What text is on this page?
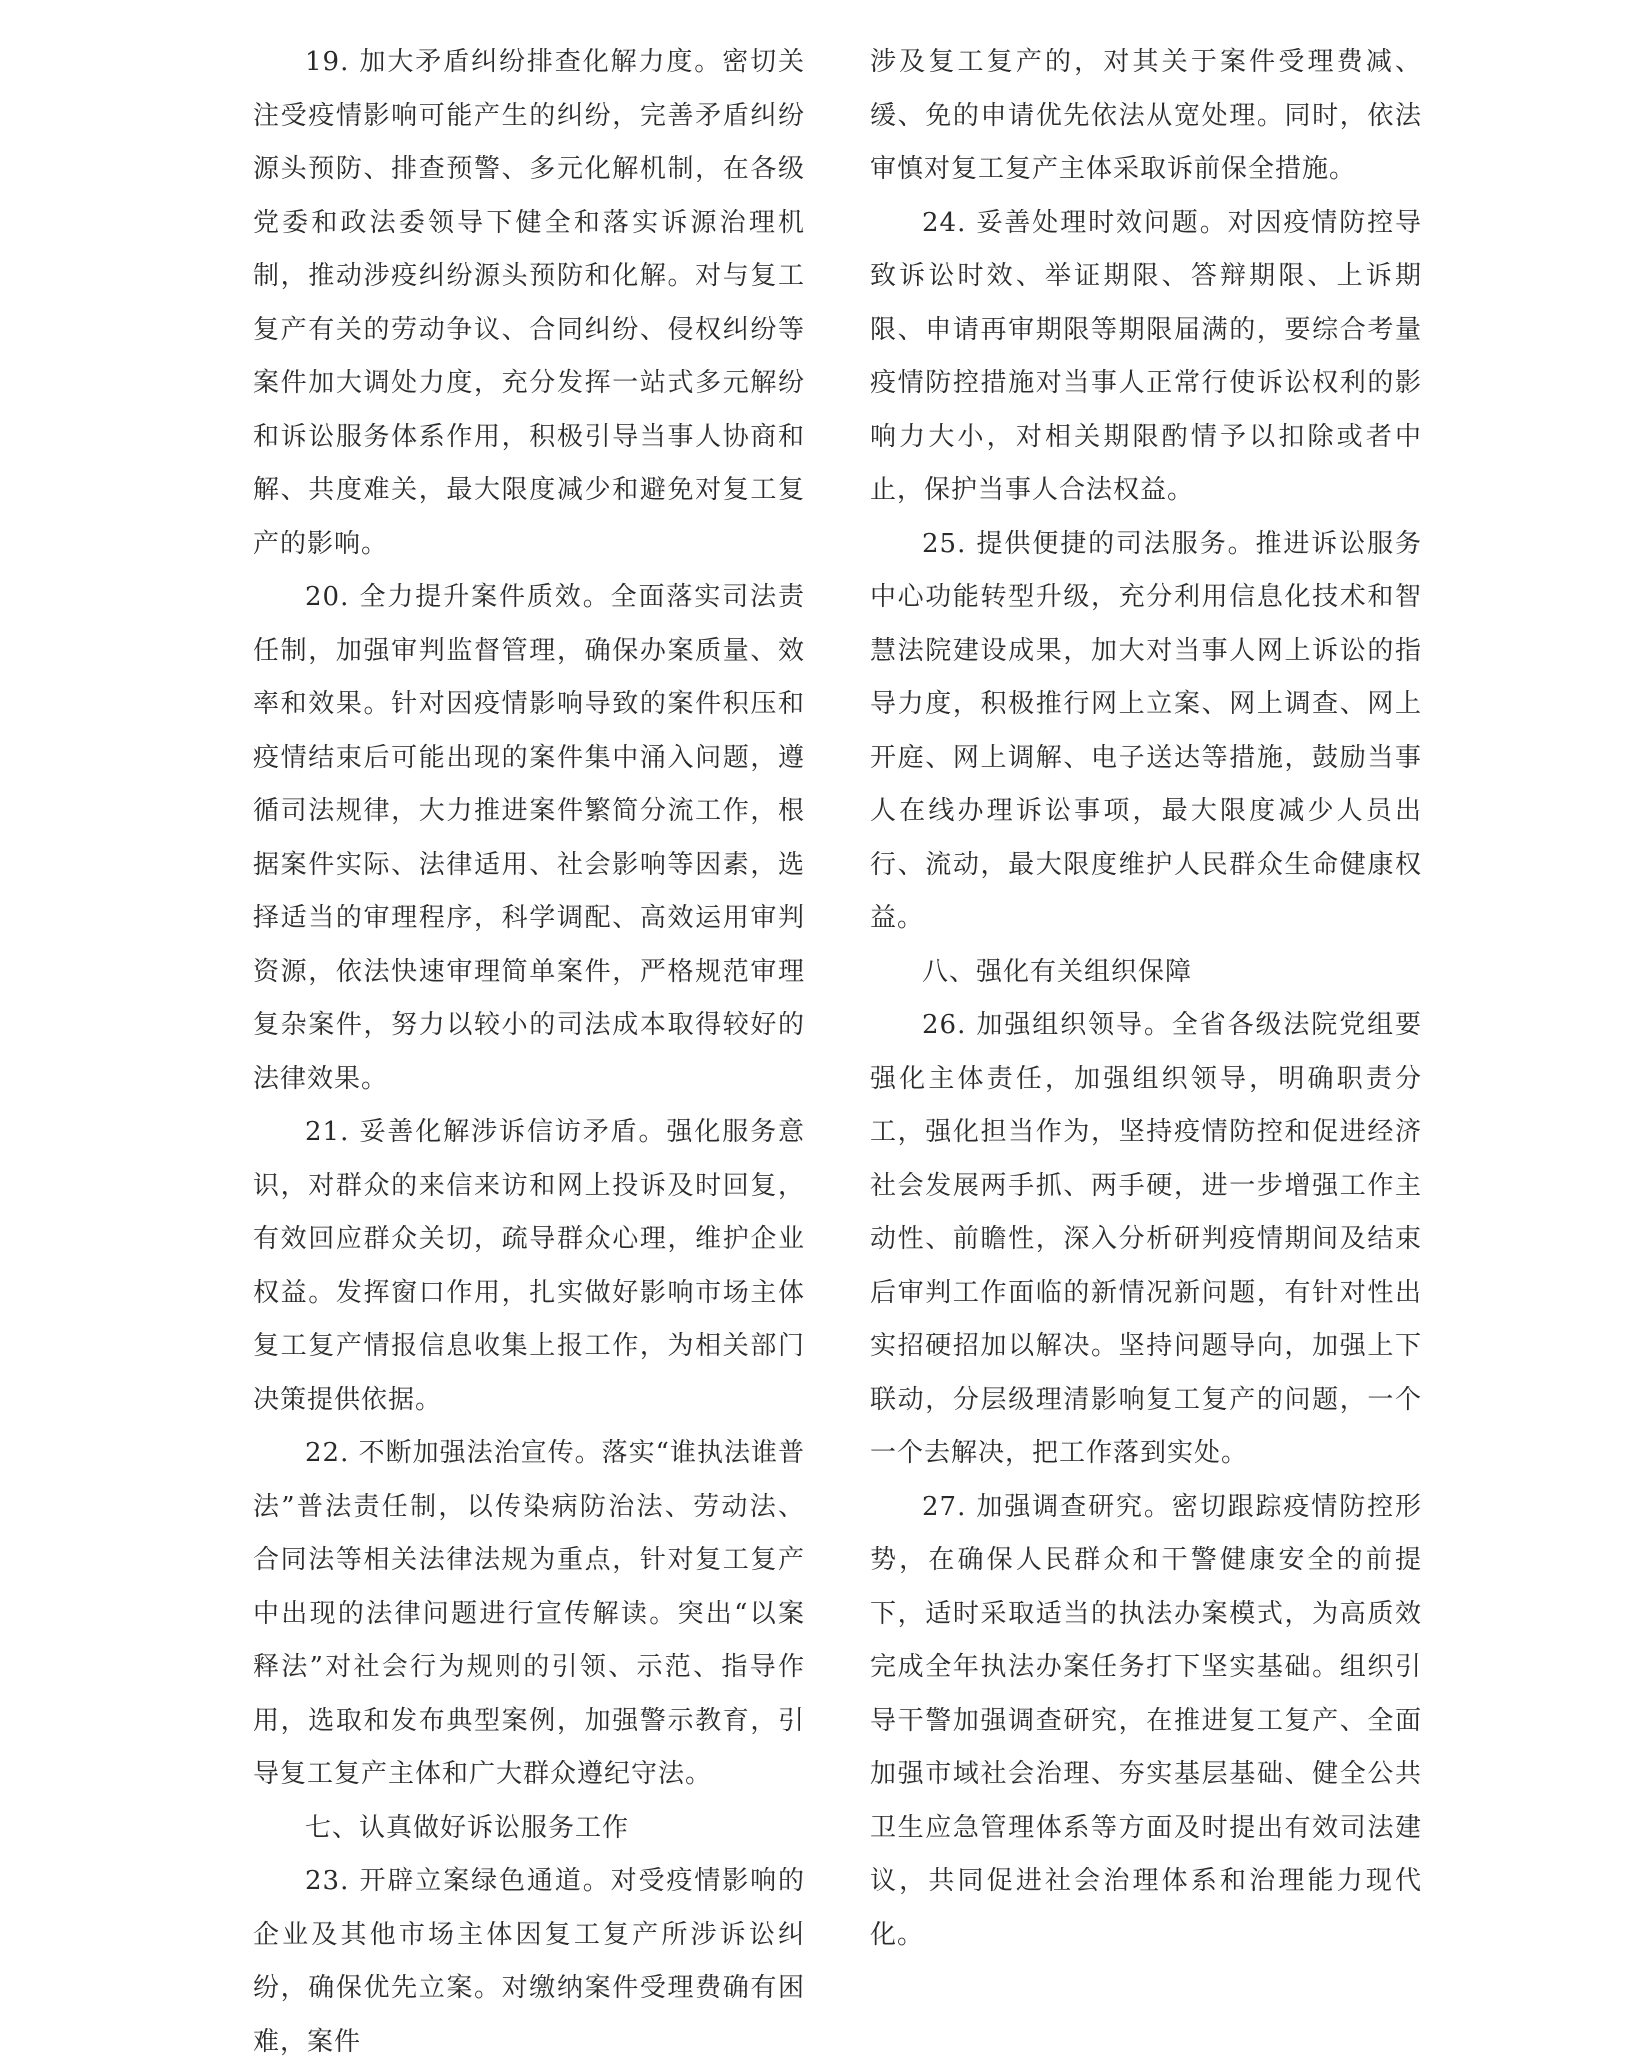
19. 加大矛盾纠纷排查化解力度。密切关注受疫情影响可能产生的纠纷，完善矛盾纠纷源头预防、排查预警、多元化解机制，在各级党委和政法委领导下健全和落实诉源治理机制，推动涉疫纠纷源头预防和化解。对与复工复产有关的劳动争议、合同纠纷、侵权纠纷等案件加大调处力度，充分发挥一站式多元解纷和诉讼服务体系作用，积极引导当事人协商和解、共度难关，最大限度减少和避免对复工复产的影响。

20. 全力提升案件质效。全面落实司法责任制，加强审判监督管理，确保办案质量、效率和效果。针对因疫情影响导致的案件积压和疫情结束后可能出现的案件集中涌入问题，遵循司法规律，大力推进案件繁简分流工作，根据案件实际、法律适用、社会影响等因素，选择适当的审理程序，科学调配、高效运用审判资源，依法快速审理简单案件，严格规范审理复杂案件，努力以较小的司法成本取得较好的法律效果。

21. 妥善化解涉诉信访矛盾。强化服务意识，对群众的来信来访和网上投诉及时回复，有效回应群众关切，疏导群众心理，维护企业权益。发挥窗口作用，扎实做好影响市场主体复工复产情报信息收集上报工作，为相关部门决策提供依据。

22. 不断加强法治宣传。落实“谁执法谁普法”普法责任制，以传染病防治法、劳动法、合同法等相关法律法规为重点，针对复工复产中出现的法律问题进行宣传解读。突出“以案释法”对社会行为规则的引领、示范、指导作用，选取和发布典型案例，加强警示教育，引导复工复产主体和广大群众遵纪守法。

七、认真做好诉讼服务工作

23. 开辟立案绿色通道。对受疫情影响的企业及其他市场主体因复工复产所涉诉讼纠纷，确保优先立案。对缴纳案件受理费确有困难，案件

涉及复工复产的，对其关于案件受理费减、缓、免的申请优先依法从宽处理。同时，依法审慎对复工复产主体采取诉前保全措施。

24. 妥善处理时效问题。对因疫情防控导致诉讼时效、举证期限、答辩期限、上诉期限、申请再审期限等期限届满的，要综合考量疫情防控措施对当事人正常行使诉讼权利的影响力大小，对相关期限酌情予以扣除或者中止，保护当事人合法权益。

25. 提供便捷的司法服务。推进诉讼服务中心功能转型升级，充分利用信息化技术和智慧法院建设成果，加大对当事人网上诉讼的指导力度，积极推行网上立案、网上调查、网上开庭、网上调解、电子送达等措施，鼓励当事人在线办理诉讼事项，最大限度减少人员出行、流动，最大限度维护人民群众生命健康权益。

八、强化有关组织保障

26. 加强组织领导。全省各级法院党组要强化主体责任，加强组织领导，明确职责分工，强化担当作为，坚持疫情防控和促进经济社会发展两手抓、两手硬，进一步增强工作主动性、前瞻性，深入分析研判疫情期间及结束后审判工作面临的新情况新问题，有针对性出实招硬招加以解决。坚持问题导向，加强上下联动，分层级理清影响复工复产的问题，一个一个去解决，把工作落到实处。

27. 加强调查研究。密切跟踪疫情防控形势，在确保人民群众和干警健康安全的前提下，适时采取适当的执法办案模式，为高质效完成全年执法办案任务打下坚实基础。组织引导干警加强调查研究，在推进复工复产、全面加强市域社会治理、夯实基层基础、健全公共卫生应急管理体系等方面及时提出有效司法建议，共同促进社会治理体系和治理能力现代化。
